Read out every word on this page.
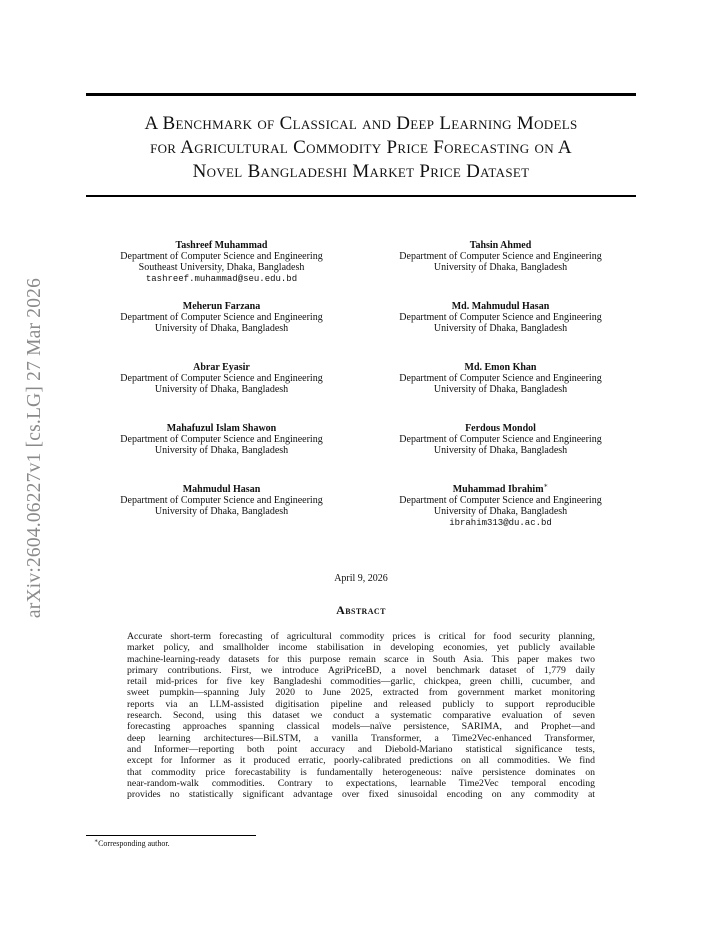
arXiv:2604.06227v1 [cs.LG] 27 Mar 2026
A Benchmark of Classical and Deep Learning Models
for Agricultural Commodity Price Forecasting on A
Novel Bangladeshi Market Price Dataset
Tashreef Muhammad
Department of Computer Science and Engineering
Southeast University, Dhaka, Bangladesh
tashreef.muhammad@seu.edu.bd
Tahsin Ahmed
Department of Computer Science and Engineering
University of Dhaka, Bangladesh
Meherun Farzana
Department of Computer Science and Engineering
University of Dhaka, Bangladesh
Md. Mahmudul Hasan
Department of Computer Science and Engineering
University of Dhaka, Bangladesh
Abrar Eyasir
Department of Computer Science and Engineering
University of Dhaka, Bangladesh
Md. Emon Khan
Department of Computer Science and Engineering
University of Dhaka, Bangladesh
Mahafuzul Islam Shawon
Department of Computer Science and Engineering
University of Dhaka, Bangladesh
Ferdous Mondol
Department of Computer Science and Engineering
University of Dhaka, Bangladesh
Mahmudul Hasan
Department of Computer Science and Engineering
University of Dhaka, Bangladesh
Muhammad Ibrahim∗
Department of Computer Science and Engineering
University of Dhaka, Bangladesh
ibrahim313@du.ac.bd
April 9, 2026
Abstract
Accurate short-term forecasting of agricultural commodity prices is critical for food security planning,
market policy, and smallholder income stabilisation in developing economies, yet publicly available
machine-learning-ready datasets for this purpose remain scarce in South Asia. This paper makes two
primary contributions. First, we introduce AgriPriceBD, a novel benchmark dataset of 1,779 daily
retail mid-prices for five key Bangladeshi commodities—garlic, chickpea, green chilli, cucumber, and
sweet pumpkin—spanning July 2020 to June 2025, extracted from government market monitoring
reports via an LLM-assisted digitisation pipeline and released publicly to support reproducible
research. Second, using this dataset we conduct a systematic comparative evaluation of seven
forecasting approaches spanning classical models—naïve persistence, SARIMA, and Prophet—and
deep learning architectures—BiLSTM, a vanilla Transformer, a Time2Vec-enhanced Transformer,
and Informer—reporting both point accuracy and Diebold-Mariano statistical significance tests,
except for Informer as it produced erratic, poorly-calibrated predictions on all commodities. We find
that commodity price forecastability is fundamentally heterogeneous: naïve persistence dominates on
near-random-walk commodities. Contrary to expectations, learnable Time2Vec temporal encoding
provides no statistically significant advantage over fixed sinusoidal encoding on any commodity at
∗Corresponding author.
